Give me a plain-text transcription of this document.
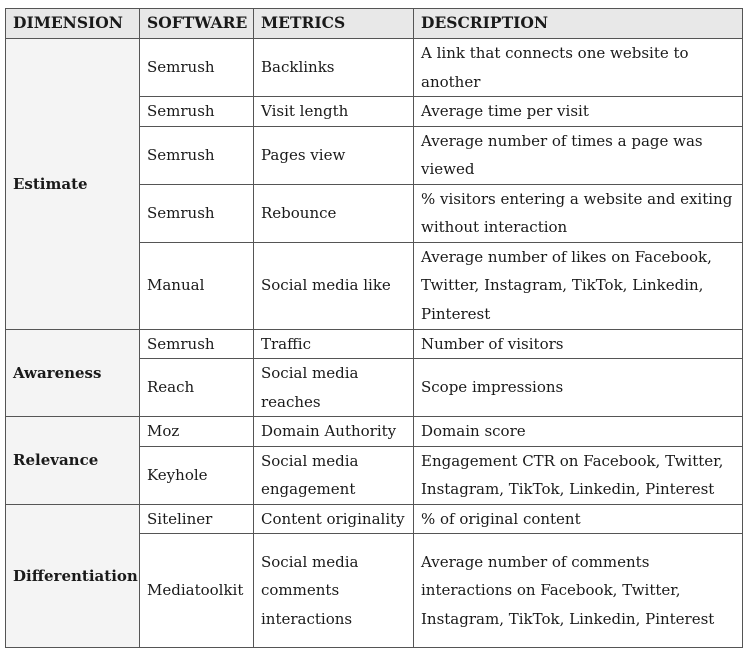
DIMENSION	SOFTWARE	METRICS	DESCRIPTION
Estimate	Semrush	Backlinks	A link that connects one website to another
	Semrush	Visit length	Average time per visit
	Semrush	Pages view	Average number of times a page was viewed
	Semrush	Rebounce	% visitors entering a website and exiting without interaction
	Manual	Social media like	Average number of likes on Facebook, Twitter, Instagram, TikTok, Linkedin, Pinterest
Awareness	Semrush	Traffic	Number of visitors
	Reach	Social media reaches	Scope impressions
Relevance	Moz	Domain Authority	Domain score
	Keyhole	Social media engagement	Engagement CTR on Facebook, Twitter, Instagram, TikTok, Linkedin, Pinterest
Differentiation	Siteliner	Content originality	% of original content
	Mediatoolkit	Social media comments interactions	Average number of comments interactions on Facebook, Twitter, Instagram, TikTok, Linkedin, Pinterest
